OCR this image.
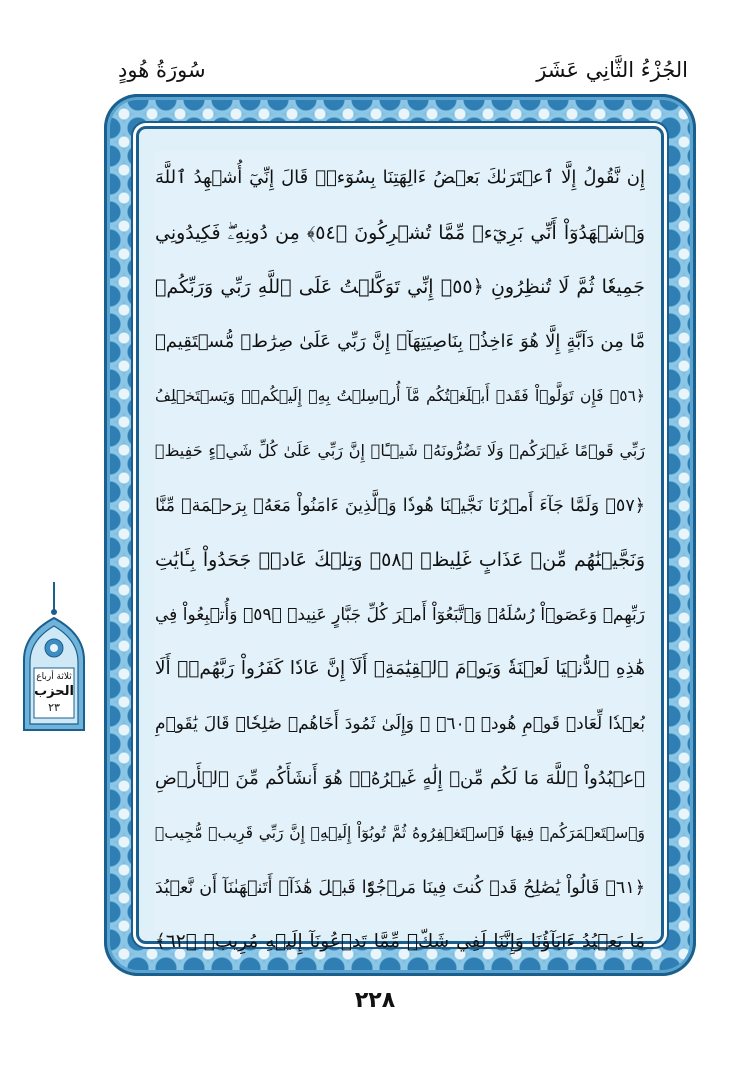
الجُزْءُ الثَّانِي عَشَرَ
سُورَةُ هُودٍ
إِن نَّقُولُ إِلَّا ٱعۡتَرَىٰكَ بَعۡضُ ءَالِهَتِنَا بِسُوٓءٖۗ قَالَ إِنِّيٓ أُشۡهِدُ ٱللَّهَ
وَٱشۡهَدُوٓاْ أَنِّي بَرِيٓءٞ مِّمَّا تُشۡرِكُونَ ﴿٥٤﴾ مِن دُونِهِۦۖ فَكِيدُونِي
جَمِيعٗا ثُمَّ لَا تُنظِرُونِ ﴿٥٥﴾ إِنِّي تَوَكَّلۡتُ عَلَى ٱللَّهِ رَبِّي وَرَبِّكُمۚ
مَّا مِن دَآبَّةٍ إِلَّا هُوَ ءَاخِذُۢ بِنَاصِيَتِهَآۚ إِنَّ رَبِّي عَلَىٰ صِرَٰطٖ مُّسۡتَقِيمٖ
﴿٥٦﴾ فَإِن تَوَلَّوۡاْ فَقَدۡ أَبۡلَغۡتُكُم مَّآ أُرۡسِلۡتُ بِهِۦٓ إِلَيۡكُمۡۚ وَيَسۡتَخۡلِفُ
رَبِّي قَوۡمًا غَيۡرَكُمۡ وَلَا تَضُرُّونَهُۥ شَيۡـًٔاۚ إِنَّ رَبِّي عَلَىٰ كُلِّ شَيۡءٍ حَفِيظٞ
﴿٥٧﴾ وَلَمَّا جَآءَ أَمۡرُنَا نَجَّيۡنَا هُودٗا وَٱلَّذِينَ ءَامَنُواْ مَعَهُۥ بِرَحۡمَةٖ مِّنَّا
وَنَجَّيۡنَٰهُم مِّنۡ عَذَابٍ غَلِيظٖ ﴿٥٨﴾ وَتِلۡكَ عَادٞۖ جَحَدُواْ بِـَٔايَٰتِ
رَبِّهِمۡ وَعَصَوۡاْ رُسُلَهُۥ وَٱتَّبَعُوٓاْ أَمۡرَ كُلِّ جَبَّارٍ عَنِيدٖ ﴿٥٩﴾ وَأُتۡبِعُواْ فِي
هَٰذِهِ ٱلدُّنۡيَا لَعۡنَةٗ وَيَوۡمَ ٱلۡقِيَٰمَةِۗ أَلَآ إِنَّ عَادٗا كَفَرُواْ رَبَّهُمۡۗ أَلَا
بُعۡدٗا لِّعَادٖ قَوۡمِ هُودٖ ﴿٦٠﴾ ۞ وَإِلَىٰ ثَمُودَ أَخَاهُمۡ صَٰلِحٗاۚ قَالَ يَٰقَوۡمِ
ٱعۡبُدُواْ ٱللَّهَ مَا لَكُم مِّنۡ إِلَٰهٍ غَيۡرُهُۥۖ هُوَ أَنشَأَكُم مِّنَ ٱلۡأَرۡضِ
وَٱسۡتَعۡمَرَكُمۡ فِيهَا فَٱسۡتَغۡفِرُوهُ ثُمَّ تُوبُوٓاْ إِلَيۡهِۚ إِنَّ رَبِّي قَرِيبٞ مُّجِيبٞ
﴿٦١﴾ قَالُواْ يَٰصَٰلِحُ قَدۡ كُنتَ فِينَا مَرۡجُوّٗا قَبۡلَ هَٰذَآۖ أَتَنۡهَىٰنَآ أَن نَّعۡبُدَ
مَا يَعۡبُدُ ءَابَآؤُنَا وَإِنَّنَا لَفِي شَكّٖ مِّمَّا تَدۡعُونَآ إِلَيۡهِ مُرِيبٖ ﴿٦٢﴾
ثلاثة أرباع
الحزب
٢٣
٢٢٨
